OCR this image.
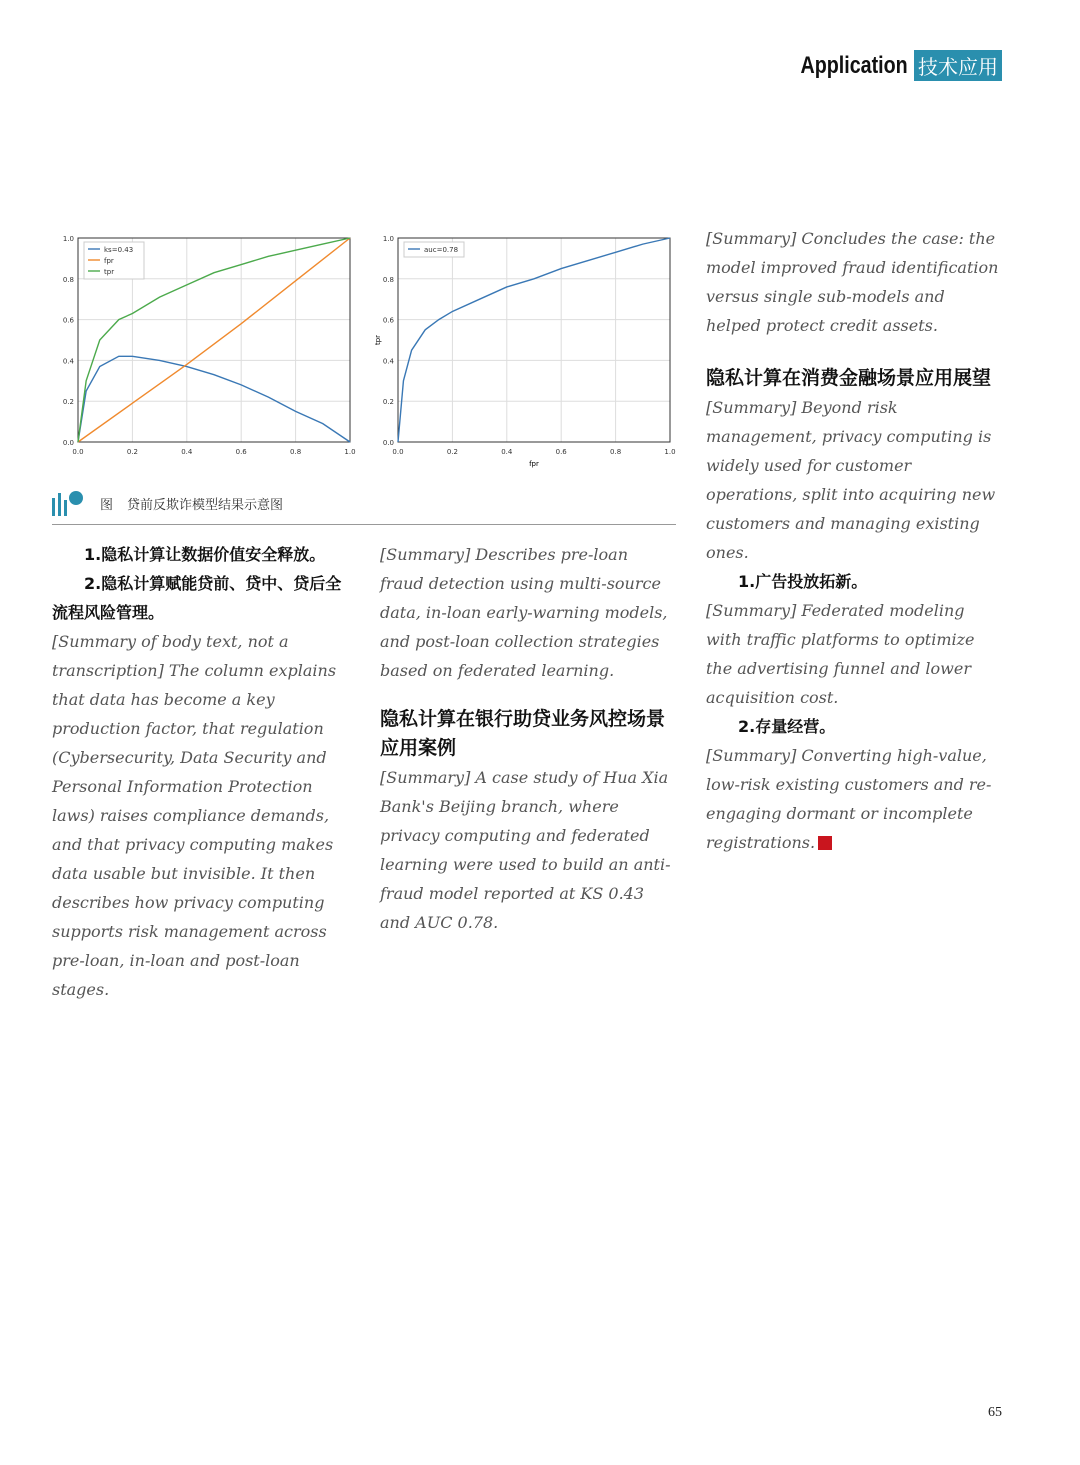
Application 技术应用
0.0	0.2	0.4	0.6	0.8	1.0
0.0
0.2
0.4
0.6
0.8
1.0
ks=0.43
fpr
tpr
0.0	0.2	0.4	0.6	0.8	1.0
0.0
0.2
0.4
0.6
0.8
1.0
auc=0.78
fpr
tpr
图 贷前反欺诈模型结果示意图

1.隐私计算让数据价值安全释放。

2.隐私计算赋能贷前、贷中、贷后全流程风险管理。

[Summary of body text, not a transcription] The column explains that data has become a key production factor, that regulation (Cybersecurity, Data Security and Personal Information Protection laws) raises compliance demands, and that privacy computing makes data usable but invisible. It then describes how privacy computing supports risk management across pre-loan, in-loan and post-loan stages.

[Summary] Describes pre-loan fraud detection using multi-source data, in-loan early-warning models, and post-loan collection strategies based on federated learning.

隐私计算在银行助贷业务风控场景应用案例

[Summary] A case study of Hua Xia Bank's Beijing branch, where privacy computing and federated learning were used to build an anti-fraud model reported at KS 0.43 and AUC 0.78.

[Summary] Concludes the case: the model improved fraud identification versus single sub-models and helped protect credit assets.

隐私计算在消费金融场景应用展望

[Summary] Beyond risk management, privacy computing is widely used for customer operations, split into acquiring new customers and managing existing ones.

1.广告投放拓新。

[Summary] Federated modeling with traffic platforms to optimize the advertising funnel and lower acquisition cost.

2.存量经营。

[Summary] Converting high-value, low-risk existing customers and re-engaging dormant or incomplete registrations.

65
